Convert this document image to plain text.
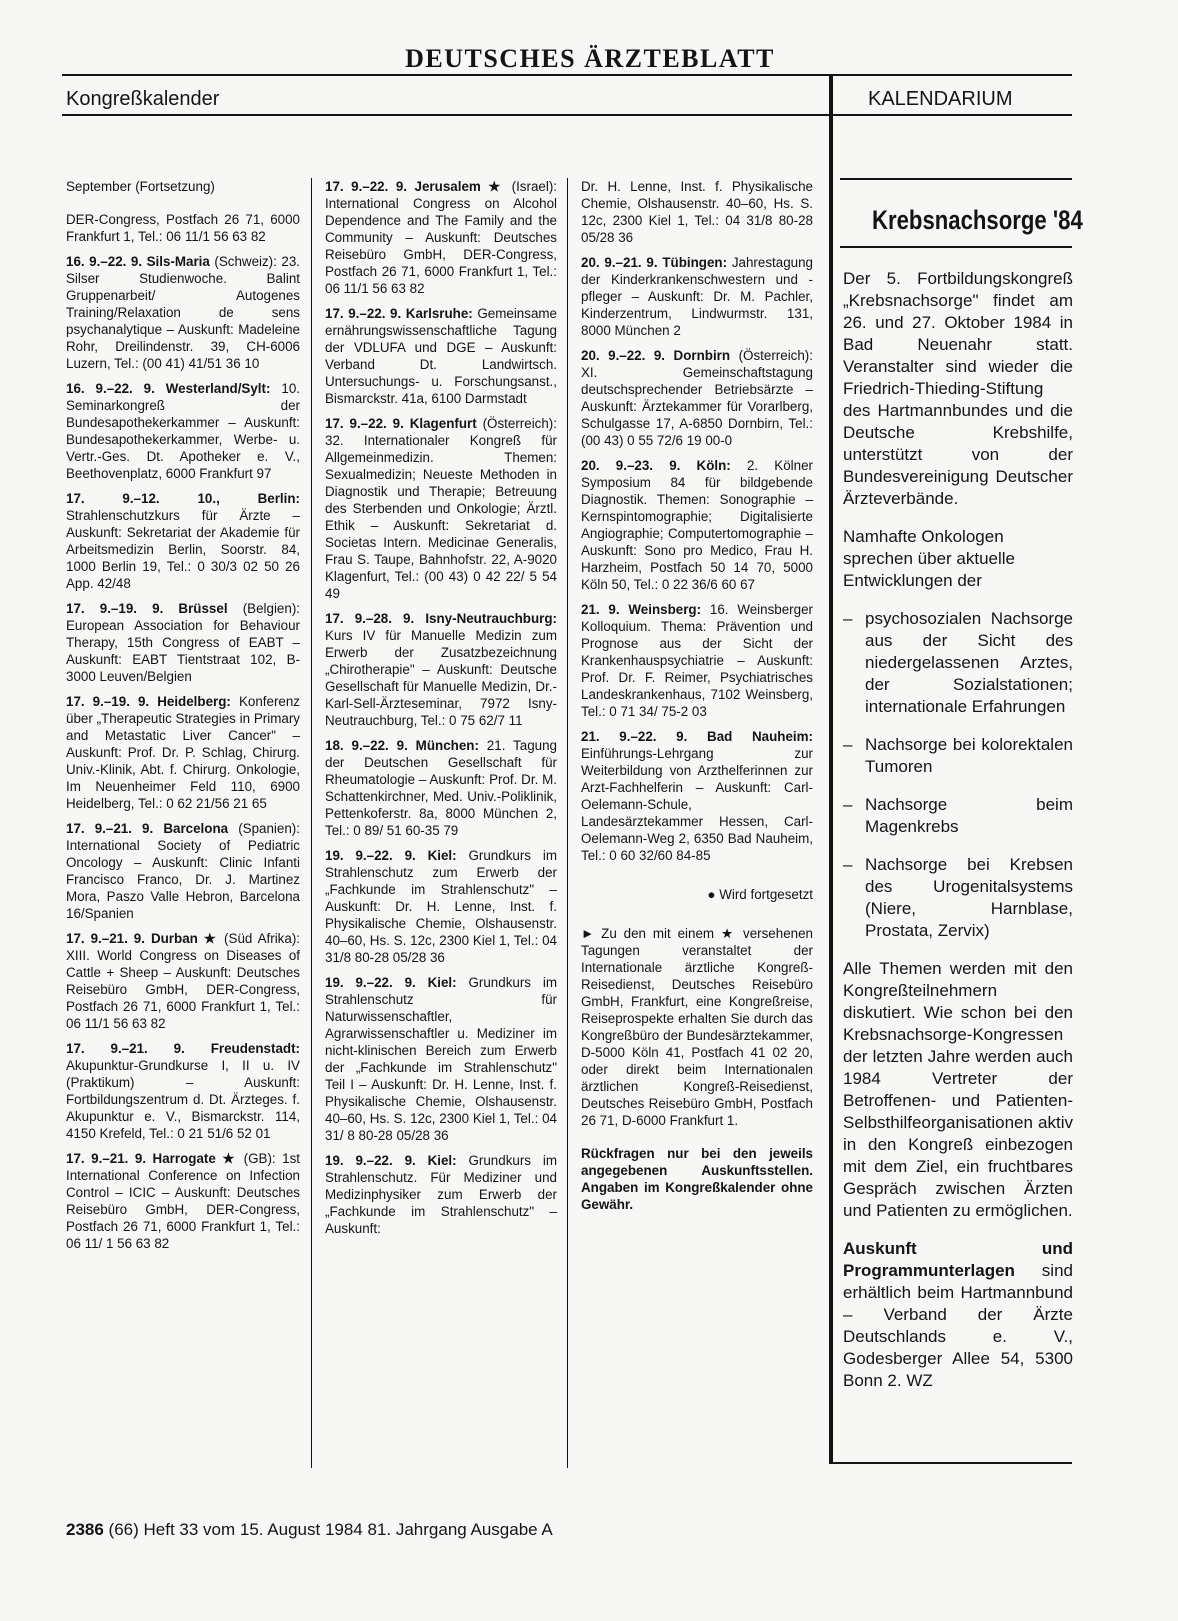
DEUTSCHES ÄRZTEBLATT
Kongreßkalender	KALENDARIUM

September (Fortsetzung)

DER-Congress, Postfach 26 71, 6000 Frankfurt 1, Tel.: 06 11/1 56 63 82

16. 9.–22. 9. Sils-Maria (Schweiz): 23. Silser Studienwoche. Balint Gruppenarbeit/ Autogenes Training/Relaxation de sens psychanalytique – Auskunft: Madeleine Rohr, Dreilindenstr. 39, CH-6006 Luzern, Tel.: (00 41) 41/51 36 10

16. 9.–22. 9. Westerland/Sylt: 10. Seminarkongreß der Bundesapothekerkammer – Auskunft: Bundesapothekerkammer, Werbe- u. Vertr.-Ges. Dt. Apotheker e. V., Beethovenplatz, 6000 Frankfurt 97

17. 9.–12. 10., Berlin: Strahlenschutzkurs für Ärzte – Auskunft: Sekretariat der Akademie für Arbeitsmedizin Berlin, Soorstr. 84, 1000 Berlin 19, Tel.: 0 30/3 02 50 26 App. 42/48

17. 9.–19. 9. Brüssel (Belgien): European Association for Behaviour Therapy, 15th Congress of EABT – Auskunft: EABT Tientstraat 102, B-3000 Leuven/Belgien

17. 9.–19. 9. Heidelberg: Konferenz über „Therapeutic Strategies in Primary and Metastatic Liver Cancer" – Auskunft: Prof. Dr. P. Schlag, Chirurg. Univ.-Klinik, Abt. f. Chirurg. Onkologie, Im Neuenheimer Feld 110, 6900 Heidelberg, Tel.: 0 62 21/56 21 65

17. 9.–21. 9. Barcelona (Spanien): International Society of Pediatric Oncology – Auskunft: Clinic Infanti Francisco Franco, Dr. J. Martinez Mora, Paszo Valle Hebron, Barcelona 16/Spanien

17. 9.–21. 9. Durban ★ (Süd Afrika): XIII. World Congress on Diseases of Cattle + Sheep – Auskunft: Deutsches Reisebüro GmbH, DER-Congress, Postfach 26 71, 6000 Frankfurt 1, Tel.: 06 11/1 56 63 82

17. 9.–21. 9. Freudenstadt: Akupunktur-Grundkurse I, II u. IV (Praktikum) – Auskunft: Fortbildungszentrum d. Dt. Ärzteges. f. Akupunktur e. V., Bismarckstr. 114, 4150 Krefeld, Tel.: 0 21 51/6 52 01

17. 9.–21. 9. Harrogate ★ (GB): 1st International Conference on Infection Control – ICIC – Auskunft: Deutsches Reisebüro GmbH, DER-Congress, Postfach 26 71, 6000 Frankfurt 1, Tel.: 06 11/ 1 56 63 82

17. 9.–22. 9. Jerusalem ★ (Israel): International Congress on Alcohol Dependence and The Family and the Community – Auskunft: Deutsches Reisebüro GmbH, DER-Congress, Postfach 26 71, 6000 Frankfurt 1, Tel.: 06 11/1 56 63 82

17. 9.–22. 9. Karlsruhe: Gemeinsame ernährungswissenschaftliche Tagung der VDLUFA und DGE – Auskunft: Verband Dt. Landwirtsch. Untersuchungs- u. Forschungsanst., Bismarckstr. 41a, 6100 Darmstadt

17. 9.–22. 9. Klagenfurt (Österreich): 32. Internationaler Kongreß für Allgemeinmedizin. Themen: Sexualmedizin; Neueste Methoden in Diagnostik und Therapie; Betreuung des Sterbenden und Onkologie; Ärztl. Ethik – Auskunft: Sekretariat d. Societas Intern. Medicinae Generalis, Frau S. Taupe, Bahnhofstr. 22, A-9020 Klagenfurt, Tel.: (00 43) 0 42 22/ 5 54 49

17. 9.–28. 9. Isny-Neutrauchburg: Kurs IV für Manuelle Medizin zum Erwerb der Zusatzbezeichnung „Chirotherapie" – Auskunft: Deutsche Gesellschaft für Manuelle Medizin, Dr.-Karl-Sell-Ärzteseminar, 7972 Isny-Neutrauchburg, Tel.: 0 75 62/7 11

18. 9.–22. 9. München: 21. Tagung der Deutschen Gesellschaft für Rheumatologie – Auskunft: Prof. Dr. M. Schattenkirchner, Med. Univ.-Poliklinik, Pettenkoferstr. 8a, 8000 München 2, Tel.: 0 89/ 51 60-35 79

19. 9.–22. 9. Kiel: Grundkurs im Strahlenschutz zum Erwerb der „Fachkunde im Strahlenschutz" – Auskunft: Dr. H. Lenne, Inst. f. Physikalische Chemie, Olshausenstr. 40–60, Hs. S. 12c, 2300 Kiel 1, Tel.: 04 31/8 80-28 05/28 36

19. 9.–22. 9. Kiel: Grundkurs im Strahlenschutz für Naturwissenschaftler, Agrarwissenschaftler u. Mediziner im nicht-klinischen Bereich zum Erwerb der „Fachkunde im Strahlenschutz" Teil I – Auskunft: Dr. H. Lenne, Inst. f. Physikalische Chemie, Olshausenstr. 40–60, Hs. S. 12c, 2300 Kiel 1, Tel.: 04 31/ 8 80-28 05/28 36

19. 9.–22. 9. Kiel: Grundkurs im Strahlenschutz. Für Mediziner und Medizinphysiker zum Erwerb der „Fachkunde im Strahlenschutz" – Auskunft:

Dr. H. Lenne, Inst. f. Physikalische Chemie, Olshausenstr. 40–60, Hs. S. 12c, 2300 Kiel 1, Tel.: 04 31/8 80-28 05/28 36

20. 9.–21. 9. Tübingen: Jahrestagung der Kinderkrankenschwestern und -pfleger – Auskunft: Dr. M. Pachler, Kinderzentrum, Lindwurmstr. 131, 8000 München 2

20. 9.–22. 9. Dornbirn (Österreich): XI. Gemeinschaftstagung deutschsprechender Betriebsärzte – Auskunft: Ärztekammer für Vorarlberg, Schulgasse 17, A-6850 Dornbirn, Tel.: (00 43) 0 55 72/6 19 00-0

20. 9.–23. 9. Köln: 2. Kölner Symposium 84 für bildgebende Diagnostik. Themen: Sonographie – Kernspintomographie; Digitalisierte Angiographie; Computertomographie – Auskunft: Sono pro Medico, Frau H. Harzheim, Postfach 50 14 70, 5000 Köln 50, Tel.: 0 22 36/6 60 67

21. 9. Weinsberg: 16. Weinsberger Kolloquium. Thema: Prävention und Prognose aus der Sicht der Krankenhauspsychiatrie – Auskunft: Prof. Dr. F. Reimer, Psychiatrisches Landeskrankenhaus, 7102 Weinsberg, Tel.: 0 71 34/ 75-2 03

21. 9.–22. 9. Bad Nauheim: Einführungs-Lehrgang zur Weiterbildung von Arzthelferinnen zur Arzt-Fachhelferin – Auskunft: Carl-Oelemann-Schule, Landesärztekammer Hessen, Carl-Oelemann-Weg 2, 6350 Bad Nauheim, Tel.: 0 60 32/60 84-85

● Wird fortgesetzt

► Zu den mit einem ★ versehenen Tagungen veranstaltet der Internationale ärztliche Kongreß-Reisedienst, Deutsches Reisebüro GmbH, Frankfurt, eine Kongreßreise, Reiseprospekte erhalten Sie durch das Kongreßbüro der Bundesärztekammer, D-5000 Köln 41, Postfach 41 02 20, oder direkt beim Internationalen ärztlichen Kongreß-Reisedienst, Deutsches Reisebüro GmbH, Postfach 26 71, D-6000 Frankfurt 1.

Rückfragen nur bei den jeweils angegebenen Auskunftsstellen. Angaben im Kongreßkalender ohne Gewähr.

Krebsnachsorge '84

Der 5. Fortbildungskongreß „Krebsnachsorge" findet am 26. und 27. Oktober 1984 in Bad Neuenahr statt. Veranstalter sind wieder die Friedrich-Thieding-Stiftung des Hartmannbundes und die Deutsche Krebshilfe, unterstützt von der Bundesvereinigung Deutscher Ärzteverbände.

Namhafte Onkologen sprechen über aktuelle Entwicklungen der

– psychosozialen Nachsorge aus der Sicht des niedergelassenen Arztes, der Sozialstationen; internationale Erfahrungen
– Nachsorge bei kolorektalen Tumoren
– Nachsorge beim Magenkrebs
– Nachsorge bei Krebsen des Urogenitalsystems (Niere, Harnblase, Prostata, Zervix)

Alle Themen werden mit den Kongreßteilnehmern diskutiert. Wie schon bei den Krebsnachsorge-Kongressen der letzten Jahre werden auch 1984 Vertreter der Betroffenen- und Patienten-Selbsthilfeorganisationen aktiv in den Kongreß einbezogen mit dem Ziel, ein fruchtbares Gespräch zwischen Ärzten und Patienten zu ermöglichen.

Auskunft und Programmunterlagen sind erhältlich beim Hartmannbund – Verband der Ärzte Deutschlands e. V., Godesberger Allee 54, 5300 Bonn 2. WZ

2386 (66) Heft 33 vom 15. August 1984 81. Jahrgang Ausgabe A
